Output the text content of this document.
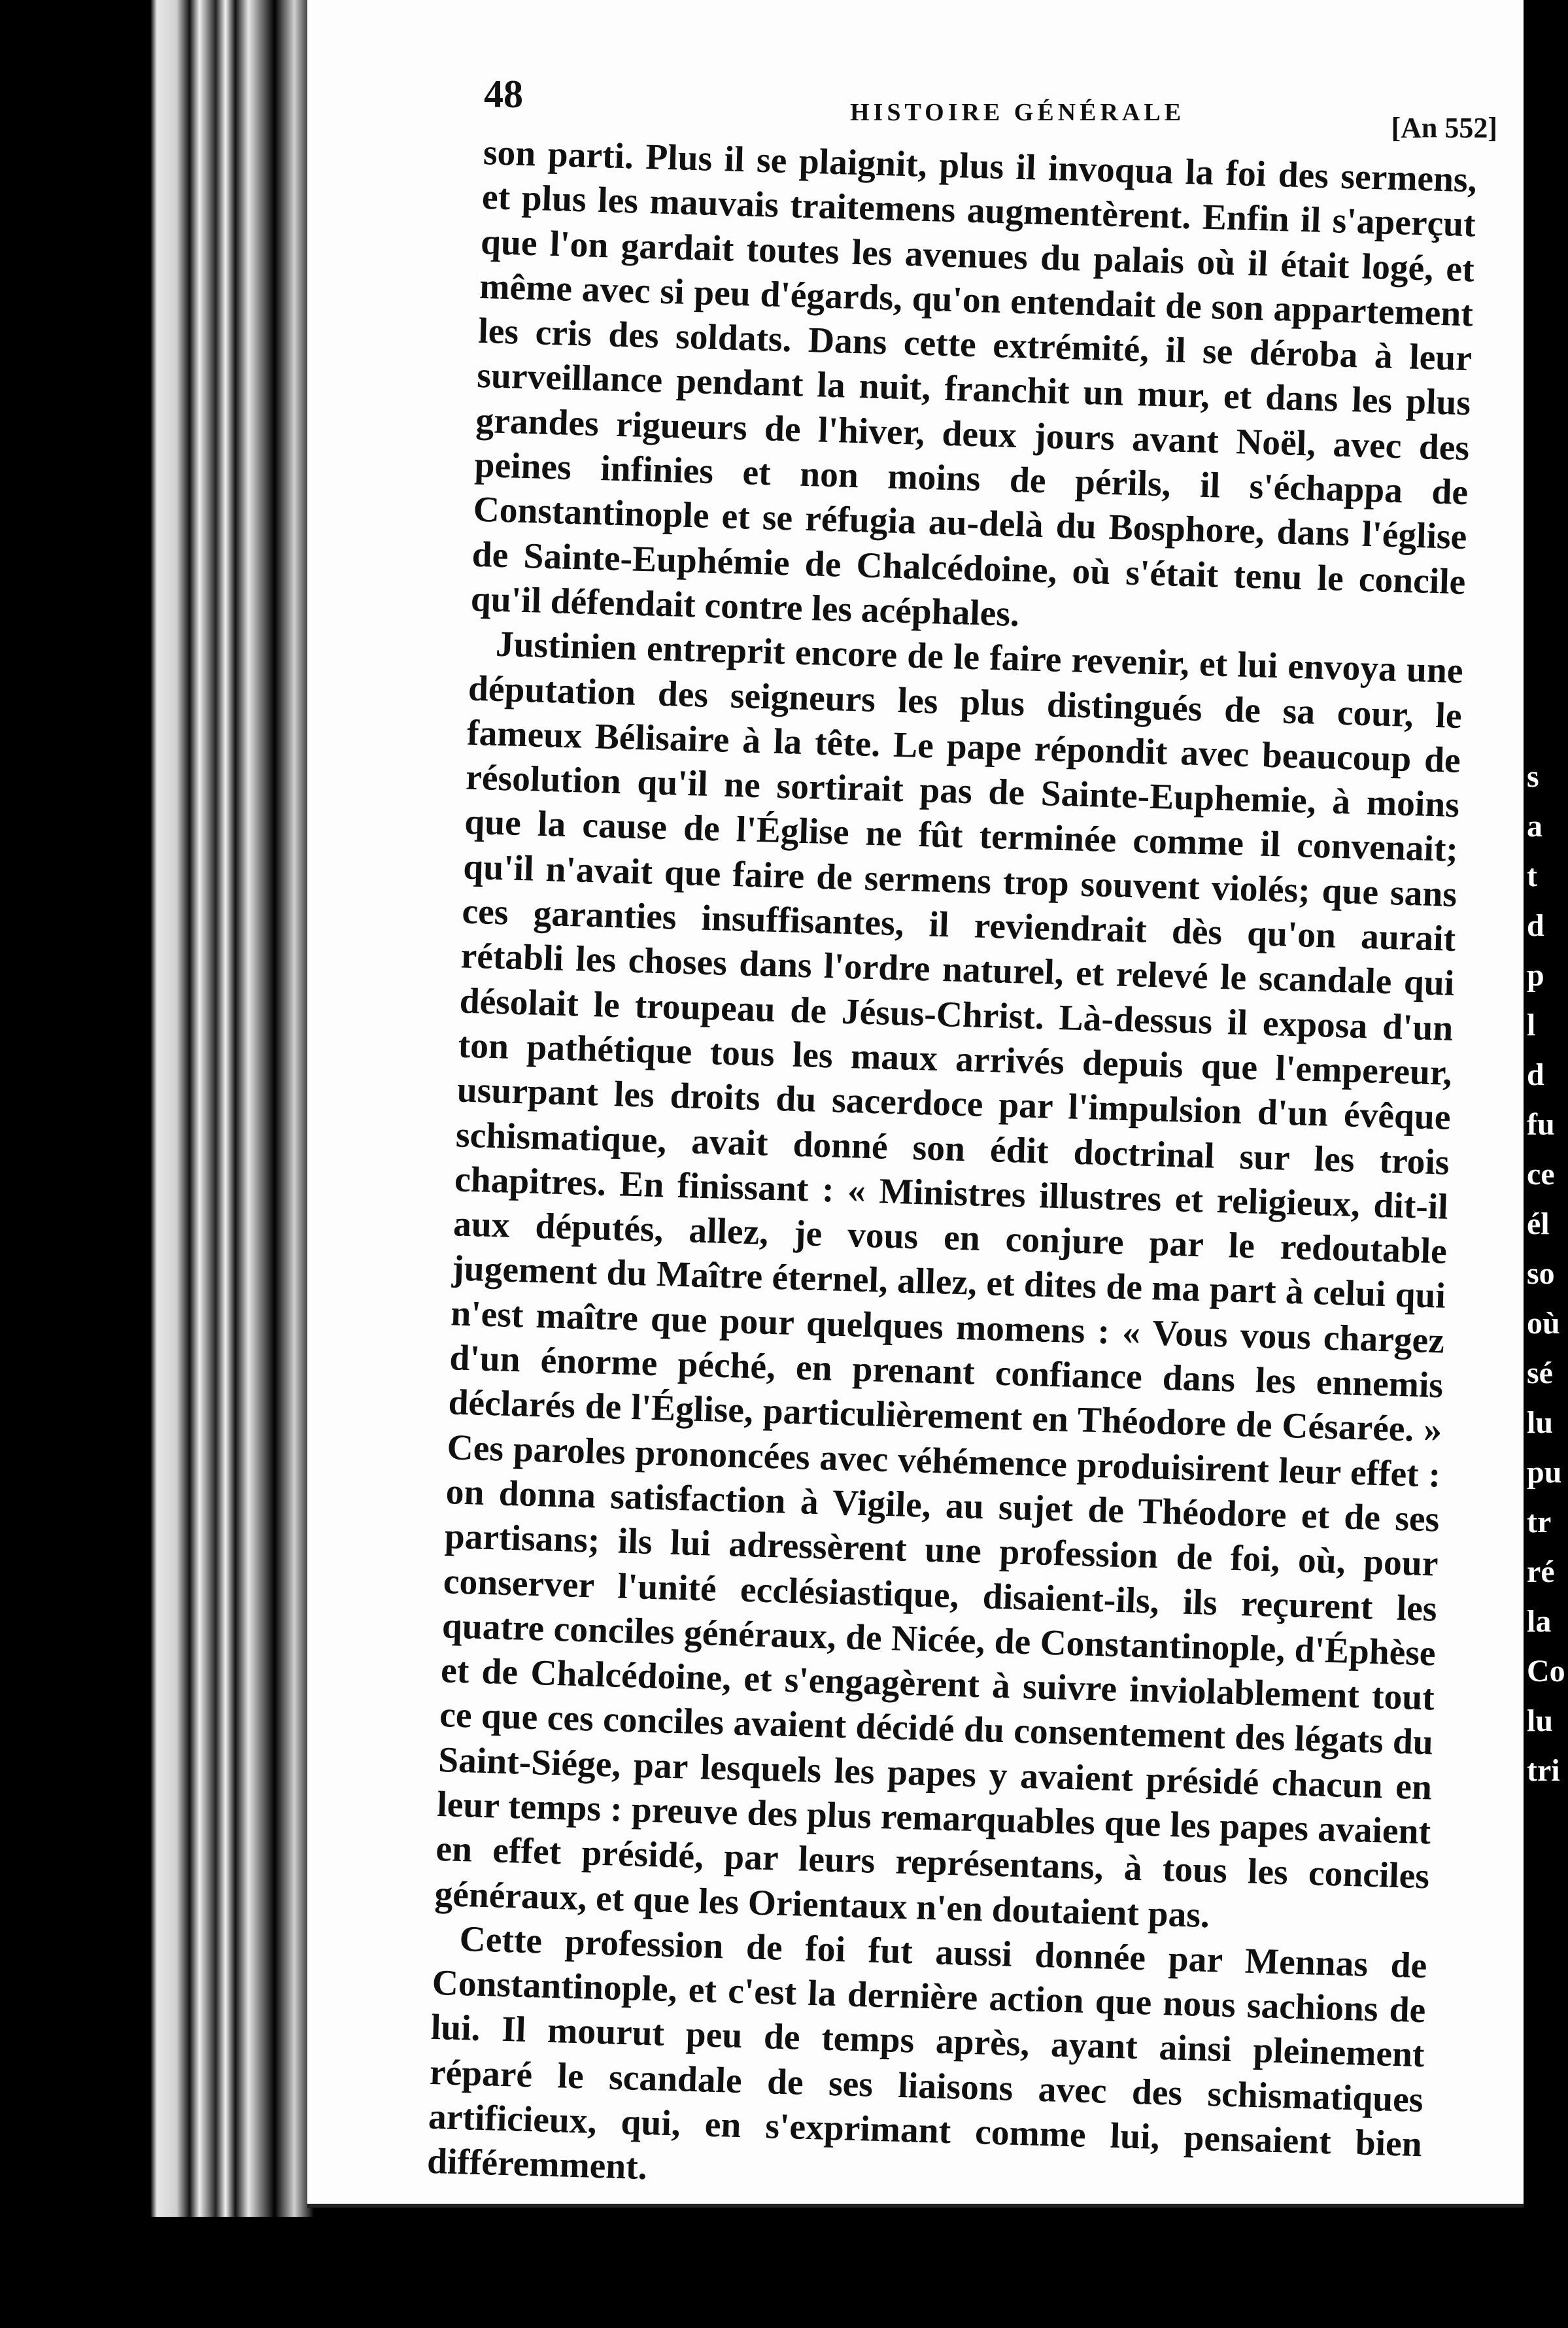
48	HISTOIRE GÉNÉRALE	[An 552]

son parti. Plus il se plaignit, plus il invoqua la foi des sermens, et plus les mauvais traitemens augmentèrent. Enfin il s'aperçut que l'on gardait toutes les avenues du palais où il était logé, et même avec si peu d'égards, qu'on entendait de son appartement les cris des soldats. Dans cette extrémité, il se déroba à leur surveillance pendant la nuit, franchit un mur, et dans les plus grandes rigueurs de l'hiver, deux jours avant Noël, avec des peines infinies et non moins de périls, il s'échappa de Constantinople et se réfugia au-delà du Bosphore, dans l'église de Sainte-Euphémie de Chalcédoine, où s'était tenu le concile qu'il défendait contre les acéphales.

Justinien entreprit encore de le faire revenir, et lui envoya une députation des seigneurs les plus distingués de sa cour, le fameux Bélisaire à la tête. Le pape répondit avec beaucoup de résolution qu'il ne sortirait pas de Sainte-Euphemie, à moins que la cause de l'Église ne fût terminée comme il convenait; qu'il n'avait que faire de sermens trop souvent violés; que sans ces garanties insuffisantes, il reviendrait dès qu'on aurait rétabli les choses dans l'ordre naturel, et relevé le scandale qui désolait le troupeau de Jésus-Christ. Là-dessus il exposa d'un ton pathétique tous les maux arrivés depuis que l'empereur, usurpant les droits du sacerdoce par l'impulsion d'un évêque schismatique, avait donné son édit doctrinal sur les trois chapitres. En finissant : « Ministres illustres et religieux, dit-il aux députés, allez, je vous en conjure par le redoutable jugement du Maître éternel, allez, et dites de ma part à celui qui n'est maître que pour quelques momens : « Vous vous chargez d'un énorme péché, en prenant confiance dans les ennemis déclarés de l'Église, particulièrement en Théodore de Césarée. » Ces paroles prononcées avec véhémence produisirent leur effet : on donna satisfaction à Vigile, au sujet de Théodore et de ses partisans; ils lui adressèrent une profession de foi, où, pour conserver l'unité ecclésiastique, disaient-ils, ils reçurent les quatre conciles généraux, de Nicée, de Constantinople, d'Éphèse et de Chalcédoine, et s'engagèrent à suivre inviolablement tout ce que ces conciles avaient décidé du consentement des légats du Saint-Siége, par lesquels les papes y avaient présidé chacun en leur temps : preuve des plus remarquables que les papes avaient en effet présidé, par leurs représentans, à tous les conciles généraux, et que les Orientaux n'en doutaient pas.

Cette profession de foi fut aussi donnée par Mennas de Constantinople, et c'est la dernière action que nous sachions de lui. Il mourut peu de temps après, ayant ainsi pleinement réparé le scandale de ses liaisons avec des schismatiques artificieux, qui, en s'exprimant comme lui, pensaient bien différemment.

s
a
t
d
p
l
d
fu
ce
él
so
où
sé
lu
pu
tr
ré
la
Co
lu
tri
